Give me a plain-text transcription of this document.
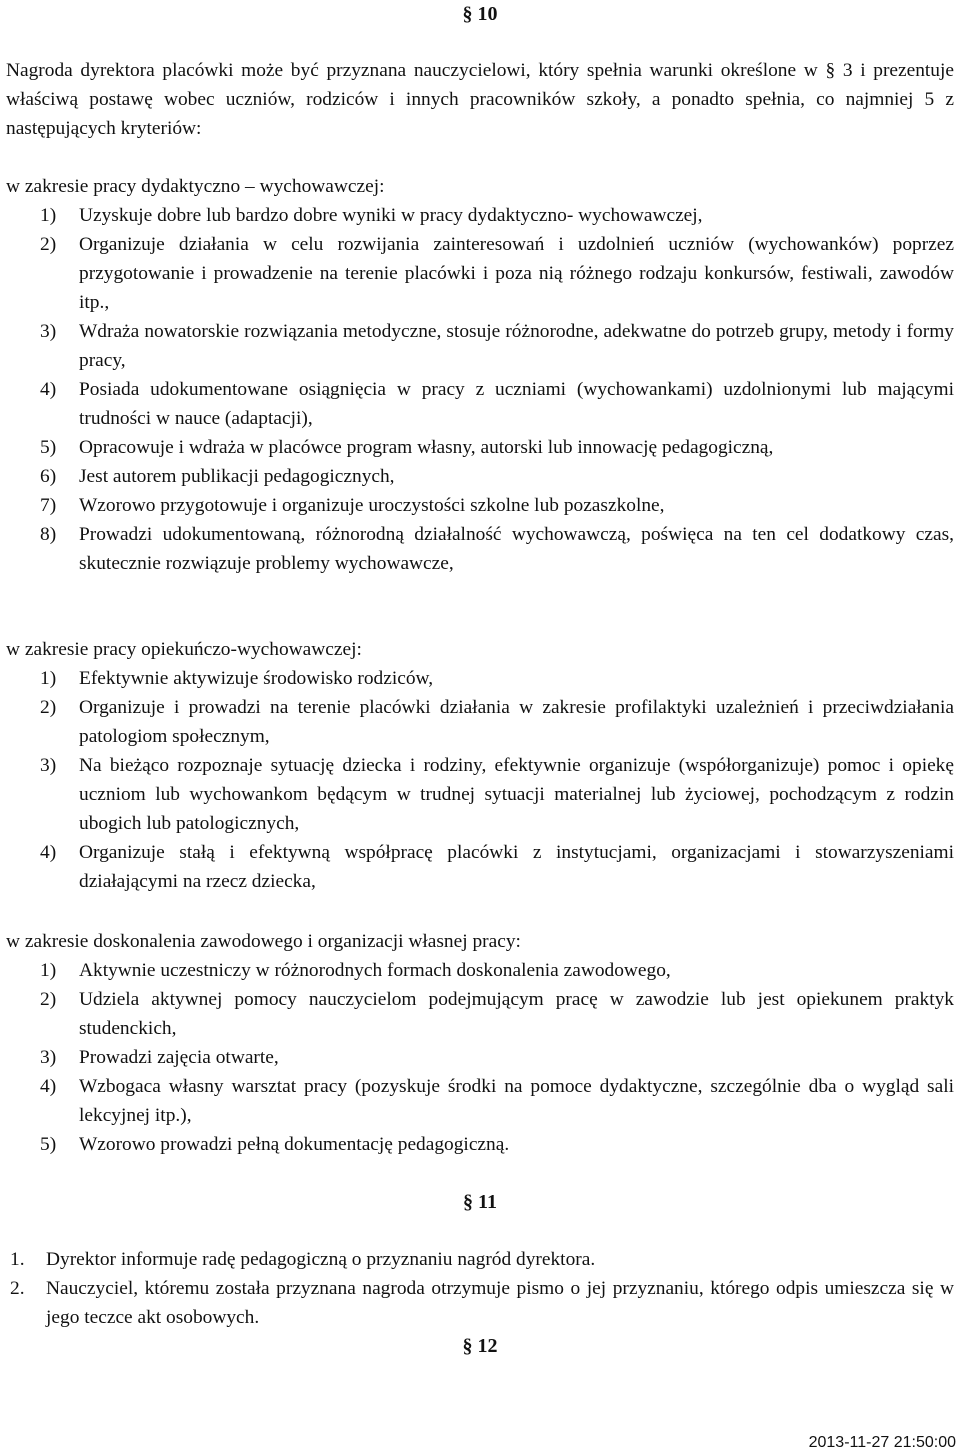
§ 10

Nagroda dyrektora placówki może być przyznana nauczycielowi, który spełnia warunki określone w § 3 i prezentuje właściwą postawę wobec uczniów, rodziców i innych pracowników szkoły, a ponadto spełnia, co najmniej 5 z następujących kryteriów:

w zakresie pracy dydaktyczno – wychowawczej:

1) Uzyskuje dobre lub bardzo dobre wyniki w pracy dydaktyczno- wychowawczej,
2) Organizuje działania w celu rozwijania zainteresowań i uzdolnień uczniów (wychowanków) poprzez przygotowanie i prowadzenie na terenie placówki i poza nią różnego rodzaju konkursów, festiwali, zawodów itp.,
3) Wdraża nowatorskie rozwiązania metodyczne, stosuje różnorodne, adekwatne do potrzeb grupy, metody i formy pracy,
4) Posiada udokumentowane osiągnięcia w pracy z uczniami (wychowankami) uzdolnionymi lub mającymi trudności w nauce (adaptacji),
5) Opracowuje i wdraża w placówce program własny, autorski lub innowację pedagogiczną,
6) Jest autorem publikacji pedagogicznych,
7) Wzorowo przygotowuje i organizuje uroczystości szkolne lub pozaszkolne,
8) Prowadzi udokumentowaną, różnorodną działalność wychowawczą, poświęca na ten cel dodatkowy czas, skutecznie rozwiązuje problemy wychowawcze,

w zakresie pracy opiekuńczo-wychowawczej:

1) Efektywnie aktywizuje środowisko rodziców,
2) Organizuje i prowadzi na terenie placówki działania w zakresie profilaktyki uzależnień i przeciwdziałania patologiom społecznym,
3) Na bieżąco rozpoznaje sytuację dziecka i rodziny, efektywnie organizuje (współorganizuje) pomoc i opiekę uczniom lub wychowankom będącym w trudnej sytuacji materialnej lub życiowej, pochodzącym z rodzin ubogich lub patologicznych,
4) Organizuje stałą i efektywną współpracę placówki z instytucjami, organizacjami i stowarzyszeniami działającymi na rzecz dziecka,

w zakresie doskonalenia zawodowego i organizacji własnej pracy:

1) Aktywnie uczestniczy w różnorodnych formach doskonalenia zawodowego,
2) Udziela aktywnej pomocy nauczycielom podejmującym pracę w zawodzie lub jest opiekunem praktyk studenckich,
3) Prowadzi zajęcia otwarte,
4) Wzbogaca własny warsztat pracy (pozyskuje środki na pomoce dydaktyczne, szczególnie dba o wygląd sali lekcyjnej itp.),
5) Wzorowo prowadzi pełną dokumentację pedagogiczną.
§ 11
1. Dyrektor informuje radę pedagogiczną o przyznaniu nagród dyrektora.
2. Nauczyciel, któremu została przyznana nagroda otrzymuje pismo o jej przyznaniu, którego odpis umieszcza się w jego teczce akt osobowych.
§ 12
2013-11-27 21:50:00
